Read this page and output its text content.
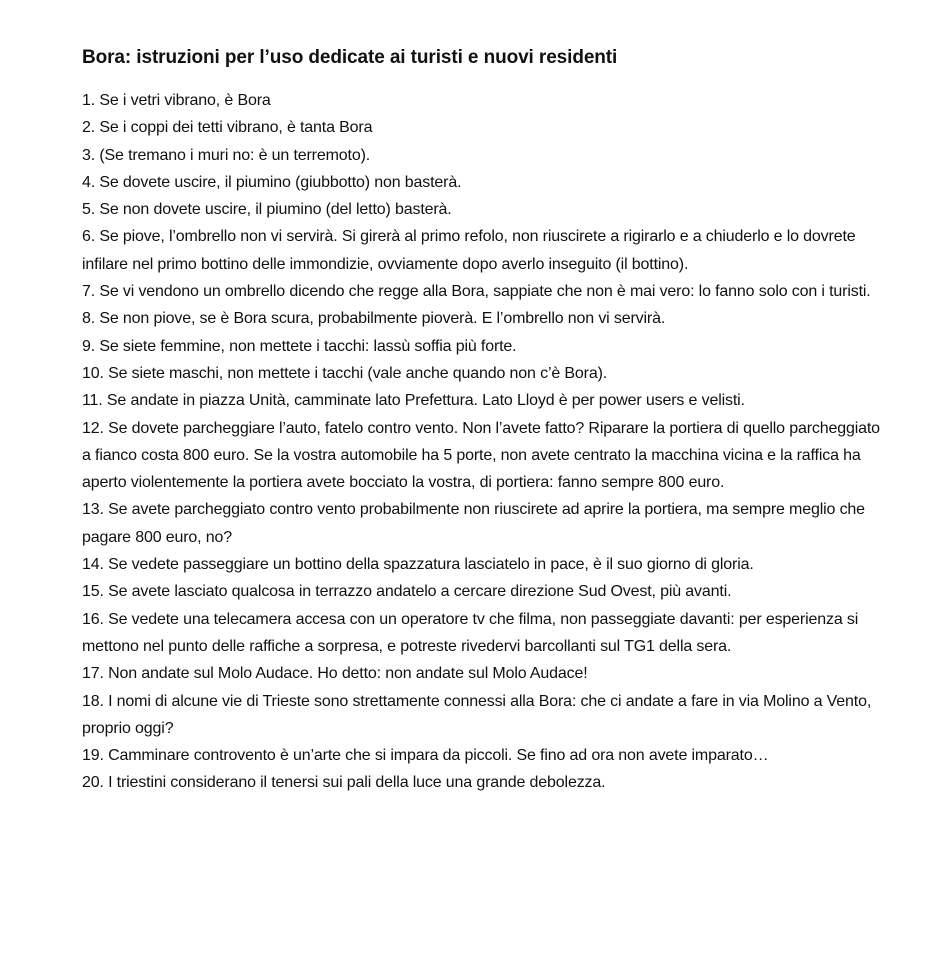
Bora: istruzioni per l’uso dedicate ai turisti e nuovi residenti
1. Se i vetri vibrano, è Bora
2. Se i coppi dei tetti vibrano, è tanta Bora
3. (Se tremano i muri no: è un terremoto).
4. Se dovete uscire, il piumino (giubbotto) non basterà.
5. Se non dovete uscire, il piumino (del letto) basterà.
6. Se piove, l’ombrello non vi servirà. Si girerà al primo refolo, non riuscirete a rigirarlo e a chiuderlo e lo dovrete infilare nel primo bottino delle immondizie, ovviamente dopo averlo inseguito (il bottino).
7. Se vi vendono un ombrello dicendo che regge alla Bora, sappiate che non è mai vero: lo fanno solo con i turisti.
8. Se non piove, se è Bora scura, probabilmente pioverà. E l’ombrello non vi servirà.
9. Se siete femmine, non mettete i tacchi: lassù soffia più forte.
10. Se siete maschi, non mettete i tacchi (vale anche quando non c’è Bora).
11. Se andate in piazza Unità, camminate lato Prefettura. Lato Lloyd è per power users e velisti.
12. Se dovete parcheggiare l’auto, fatelo contro vento. Non l’avete fatto? Riparare la portiera di quello parcheggiato a fianco costa 800 euro. Se la vostra automobile ha 5 porte, non avete centrato la macchina vicina e la raffica ha aperto violentemente la portiera avete bocciato la vostra, di portiera: fanno sempre 800 euro.
13. Se avete parcheggiato contro vento probabilmente non riuscirete ad aprire la portiera, ma sempre meglio che pagare 800 euro, no?
14. Se vedete passeggiare un bottino della spazzatura lasciatelo in pace, è il suo giorno di gloria.
15. Se avete lasciato qualcosa in terrazzo andatelo a cercare direzione Sud Ovest, più avanti.
16. Se vedete una telecamera accesa con un operatore tv che filma, non passeggiate davanti: per esperienza si mettono nel punto delle raffiche a sorpresa, e potreste rivedervi barcollanti sul TG1 della sera.
17. Non andate sul Molo Audace. Ho detto: non andate sul Molo Audace!
18. I nomi di alcune vie di Trieste sono strettamente connessi alla Bora: che ci andate a fare in via Molino a Vento, proprio oggi?
19. Camminare controvento è un’arte che si impara da piccoli. Se fino ad ora non avete imparato…
20. I triestini considerano il tenersi sui pali della luce una grande debolezza.
